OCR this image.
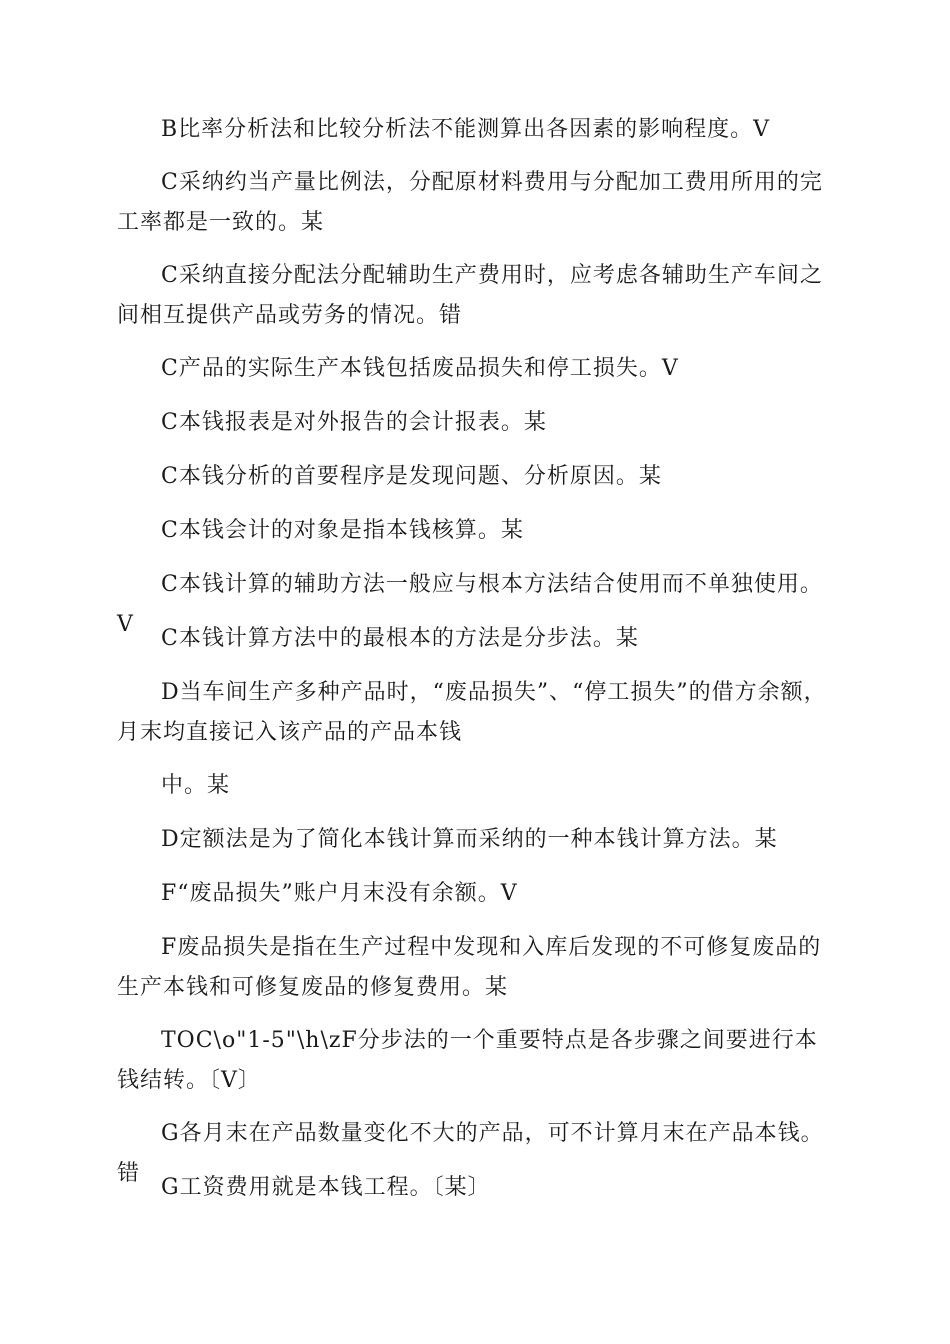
B比率分析法和比较分析法不能测算出各因素的影响程度。V

C采纳约当产量比例法，分配原材料费用与分配加工费用所用的完工率都是一致的。某

C采纳直接分配法分配辅助生产费用时，应考虑各辅助生产车间之间相互提供产品或劳务的情况。错

C产品的实际生产本钱包括废品损失和停工损失。V

C本钱报表是对外报告的会计报表。某

C本钱分析的首要程序是发现问题、分析原因。某

C本钱会计的对象是指本钱核算。某

C本钱计算的辅助方法一般应与根本方法结合使用而不单独使用。V

C本钱计算方法中的最根本的方法是分步法。某

D当车间生产多种产品时，“废品损失”、“停工损失”的借方余额，月末均直接记入该产品的产品本钱

中。某

D定额法是为了简化本钱计算而采纳的一种本钱计算方法。某

F“废品损失”账户月末没有余额。V

F废品损失是指在生产过程中发现和入库后发现的不可修复废品的生产本钱和可修复废品的修复费用。某

TOC\o"1-5"\h\zF分步法的一个重要特点是各步骤之间要进行本钱结转。〔V〕

G各月末在产品数量变化不大的产品，可不计算月末在产品本钱。错

G工资费用就是本钱工程。〔某〕
